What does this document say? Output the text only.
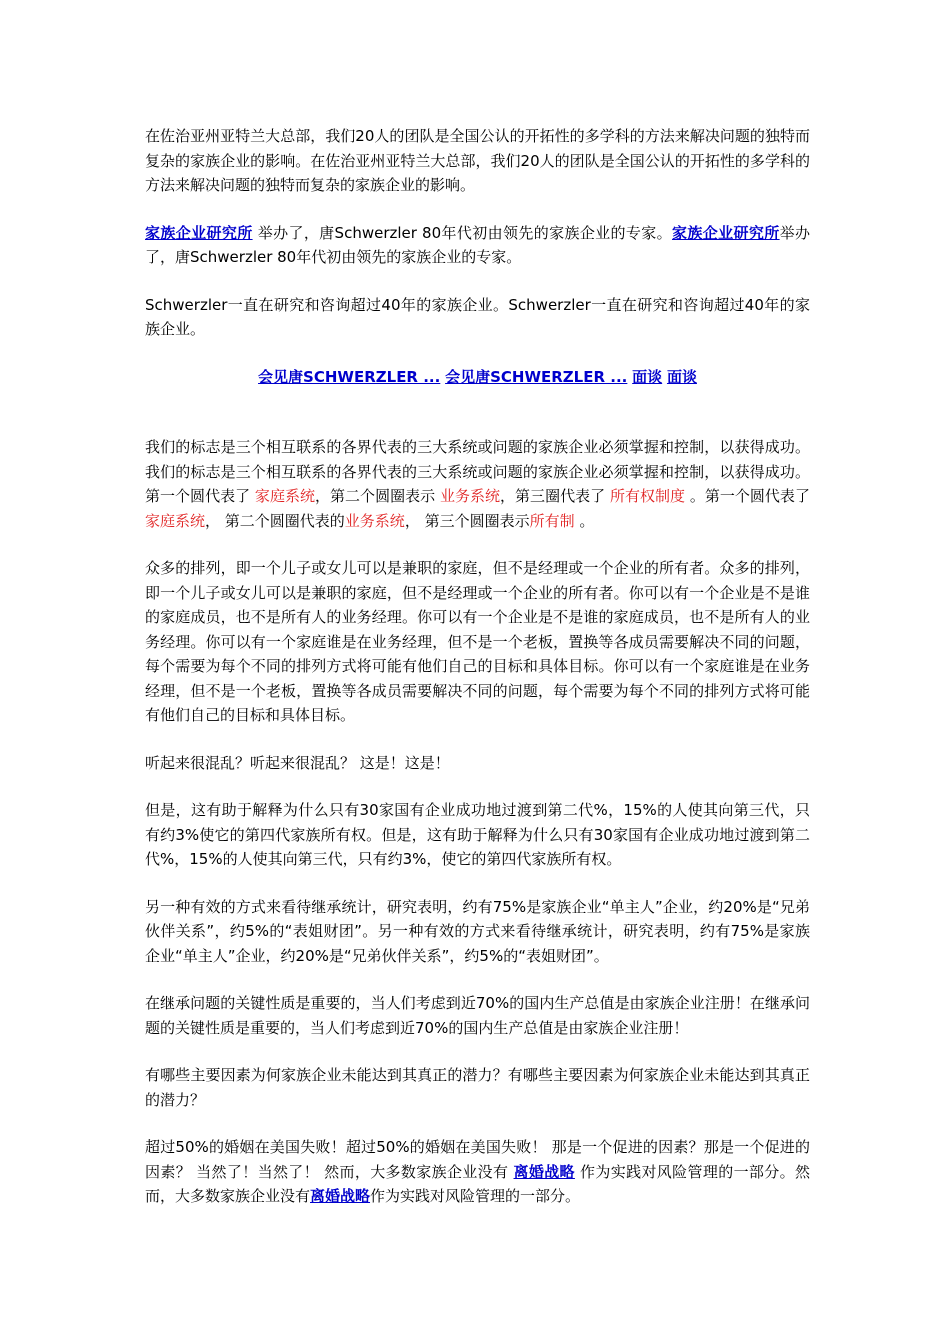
在佐治亚州亚特兰大总部，我们20人的团队是全国公认的开拓性的多学科的方法来解决问题的独特而复杂的家族企业的影响。在佐治亚州亚特兰大总部，我们20人的团队是全国公认的开拓性的多学科的方法来解决问题的独特而复杂的家族企业的影响。

家族企业研究所 举办了，唐Schwerzler 80年代初由领先的家族企业的专家。家族企业研究所举办了，唐Schwerzler 80年代初由领先的家族企业的专家。

Schwerzler一直在研究和咨询超过40年的家族企业。Schwerzler一直在研究和咨询超过40年的家族企业。

会见唐SCHWERZLER ... 会见唐SCHWERZLER ... 面谈 面谈

我们的标志是三个相互联系的各界代表的三大系统或问题的家族企业必须掌握和控制，以获得成功。我们的标志是三个相互联系的各界代表的三大系统或问题的家族企业必须掌握和控制，以获得成功。第一个圆代表了 家庭系统，第二个圆圈表示 业务系统，第三圈代表了 所有权制度 。第一个圆代表了家庭系统， 第二个圆圈代表的业务系统， 第三个圆圈表示所有制 。

众多的排列，即一个儿子或女儿可以是兼职的家庭，但不是经理或一个企业的所有者。众多的排列，即一个儿子或女儿可以是兼职的家庭，但不是经理或一个企业的所有者。你可以有一个企业是不是谁的家庭成员，也不是所有人的业务经理。你可以有一个企业是不是谁的家庭成员，也不是所有人的业务经理。你可以有一个家庭谁是在业务经理，但不是一个老板，置换等各成员需要解决不同的问题，每个需要为每个不同的排列方式将可能有他们自己的目标和具体目标。你可以有一个家庭谁是在业务经理，但不是一个老板，置换等各成员需要解决不同的问题，每个需要为每个不同的排列方式将可能有他们自己的目标和具体目标。

听起来很混乱？听起来很混乱？ 这是！这是！

但是，这有助于解释为什么只有30家国有企业成功地过渡到第二代%，15%的人使其向第三代，只有约3%使它的第四代家族所有权。但是，这有助于解释为什么只有30家国有企业成功地过渡到第二代%，15%的人使其向第三代，只有约3%，使它的第四代家族所有权。

另一种有效的方式来看待继承统计，研究表明，约有75%是家族企业“单主人”企业，约20%是“兄弟伙伴关系”，约5%的“表姐财团”。另一种有效的方式来看待继承统计，研究表明，约有75%是家族企业“单主人”企业，约20%是“兄弟伙伴关系”，约5%的“表姐财团”。

在继承问题的关键性质是重要的，当人们考虑到近70%的国内生产总值是由家族企业注册！在继承问题的关键性质是重要的，当人们考虑到近70%的国内生产总值是由家族企业注册！

有哪些主要因素为何家族企业未能达到其真正的潜力？有哪些主要因素为何家族企业未能达到其真正的潜力？

超过50%的婚姻在美国失败！超过50%的婚姻在美国失败！ 那是一个促进的因素？那是一个促进的因素？ 当然了！当然了！ 然而，大多数家族企业没有 离婚战略 作为实践对风险管理的一部分。然而，大多数家族企业没有离婚战略作为实践对风险管理的一部分。
